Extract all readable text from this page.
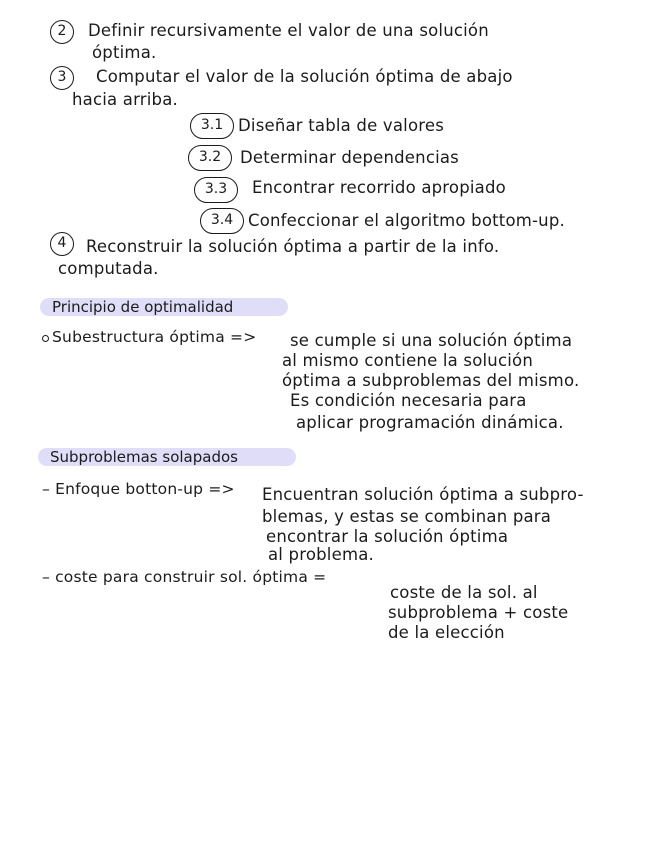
2	Definir recursivamente el valor de una solución
óptima.
3	Computar el valor de la solución óptima de abajo
hacia arriba.
3.1 Diseñar tabla de valores
3.2	Determinar dependencias
3.3	Encontrar recorrido apropiado
3.4 Confeccionar el algoritmo bottom-up.
4	Reconstruir la solución óptima a partir de la info.
computada.
Principio de optimalidad
Subestructura óptima => se cumple si una solución óptima
al mismo contiene la solución
óptima a subproblemas del mismo.
Es condición necesaria para
aplicar programación dinámica.
Subproblemas solapados
– Enfoque botton-up => Encuentran solución óptima a subpro-
blemas, y estas se combinan para
encontrar la solución óptima
al problema.
– coste para construir sol. óptima =
coste de la sol. al
subproblema + coste
de la elección
